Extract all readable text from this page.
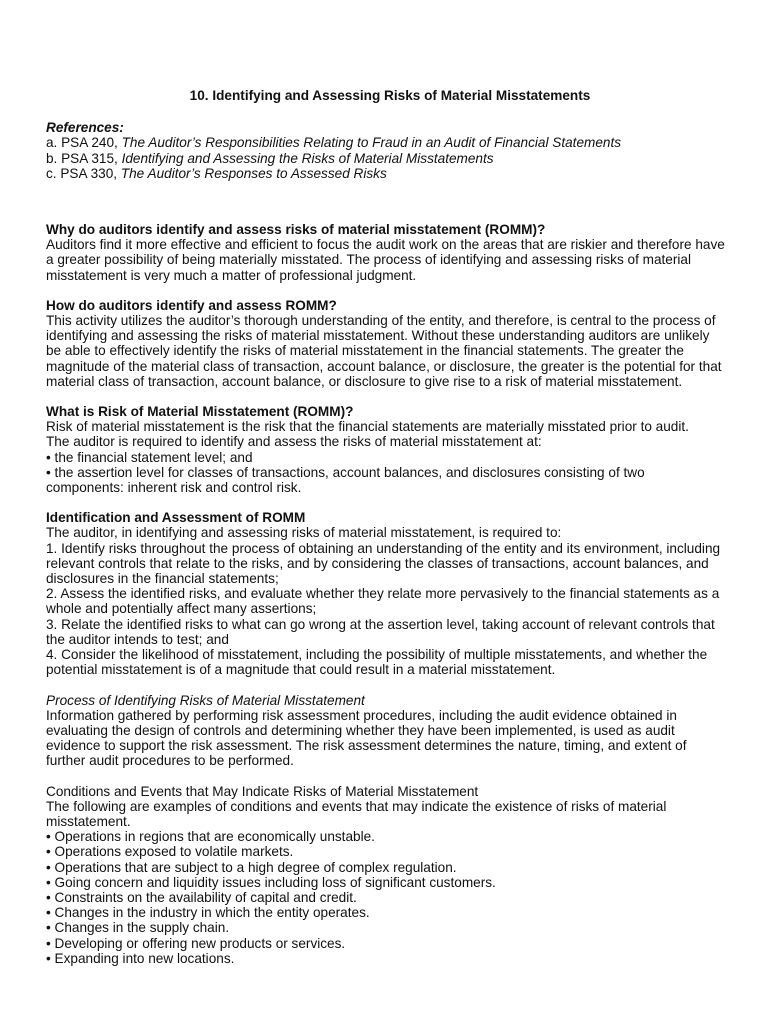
10. Identifying and Assessing Risks of Material Misstatements

References:

a. PSA 240, The Auditor’s Responsibilities Relating to Fraud in an Audit of Financial Statements

b. PSA 315, Identifying and Assessing the Risks of Material Misstatements

c. PSA 330, The Auditor’s Responses to Assessed Risks

Why do auditors identify and assess risks of material misstatement (ROMM)?

Auditors find it more effective and efficient to focus the audit work on the areas that are riskier and therefore have a greater possibility of being materially misstated. The process of identifying and assessing risks of material misstatement is very much a matter of professional judgment.

How do auditors identify and assess ROMM?

This activity utilizes the auditor’s thorough understanding of the entity, and therefore, is central to the process of identifying and assessing the risks of material misstatement. Without these understanding auditors are unlikely be able to effectively identify the risks of material misstatement in the financial statements. The greater the magnitude of the material class of transaction, account balance, or disclosure, the greater is the potential for that material class of transaction, account balance, or disclosure to give rise to a risk of material misstatement.

What is Risk of Material Misstatement (ROMM)?

Risk of material misstatement is the risk that the financial statements are materially misstated prior to audit.

The auditor is required to identify and assess the risks of material misstatement at:

• the financial statement level; and
• the assertion level for classes of transactions, account balances, and disclosures consisting of two components: inherent risk and control risk.

Identification and Assessment of ROMM

The auditor, in identifying and assessing risks of material misstatement, is required to:

1. Identify risks throughout the process of obtaining an understanding of the entity and its environment, including relevant controls that relate to the risks, and by considering the classes of transactions, account balances, and disclosures in the financial statements;
2. Assess the identified risks, and evaluate whether they relate more pervasively to the financial statements as a whole and potentially affect many assertions;
3. Relate the identified risks to what can go wrong at the assertion level, taking account of relevant controls that the auditor intends to test; and
4. Consider the likelihood of misstatement, including the possibility of multiple misstatements, and whether the potential misstatement is of a magnitude that could result in a material misstatement.

Process of Identifying Risks of Material Misstatement

Information gathered by performing risk assessment procedures, including the audit evidence obtained in evaluating the design of controls and determining whether they have been implemented, is used as audit evidence to support the risk assessment. The risk assessment determines the nature, timing, and extent of further audit procedures to be performed.

Conditions and Events that May Indicate Risks of Material Misstatement

The following are examples of conditions and events that may indicate the existence of risks of material misstatement.

• Operations in regions that are economically unstable.
• Operations exposed to volatile markets.
• Operations that are subject to a high degree of complex regulation.
• Going concern and liquidity issues including loss of significant customers.
• Constraints on the availability of capital and credit.
• Changes in the industry in which the entity operates.
• Changes in the supply chain.
• Developing or offering new products or services.
• Expanding into new locations.
